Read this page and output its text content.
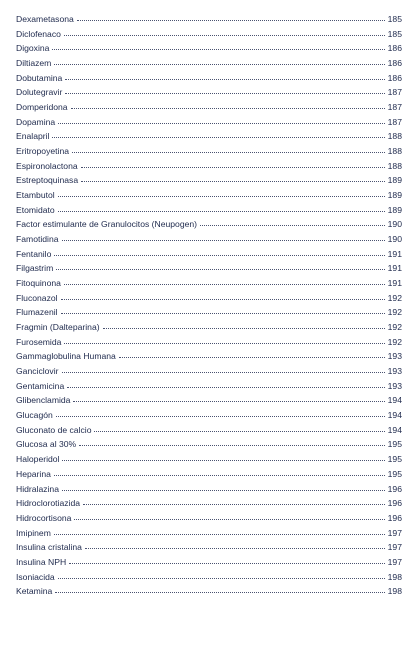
Dexametasona	185
Diclofenaco	185
Digoxina	186
Diltiazem	186
Dobutamina	186
Dolutegravir	187
Domperidona	187
Dopamina	187
Enalapril	188
Eritropoyetina	188
Espironolactona	188
Estreptoquinasa	189
Etambutol	189
Etomidato	189
Factor estimulante de Granulocitos (Neupogen)	190
Famotidina	190
Fentanilo	191
Filgastrim	191
Fitoquinona	191
Fluconazol	192
Flumazenil	192
Fragmin (Dalteparina)	192
Furosemida	192
Gammaglobulina Humana	193
Ganciclovir	193
Gentamicina	193
Glibenclamida	194
Glucagón	194
Gluconato de calcio	194
Glucosa al 30%	195
Haloperidol	195
Heparina	195
Hidralazina	196
Hidroclorotiazida	196
Hidrocortisona	196
Imipinem	197
Insulina cristalina	197
Insulina NPH	197
Isoniacida	198
Ketamina	198
